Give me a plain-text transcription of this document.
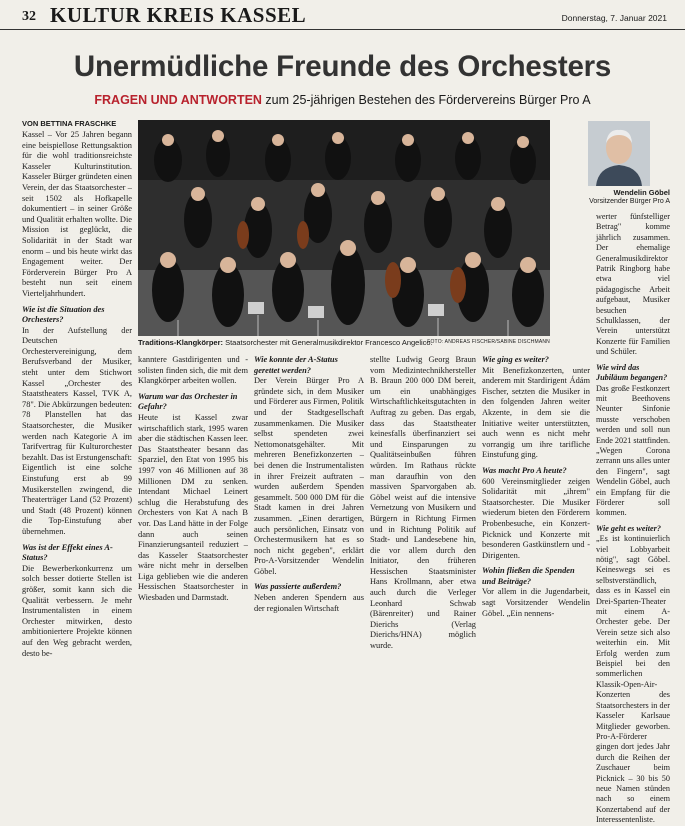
32 KULTUR KREIS KASSEL	Donnerstag, 7. Januar 2021
Unermüdliche Freunde des Orchesters
FRAGEN UND ANTWORTEN zum 25-jährigen Bestehen des Fördervereins Bürger Pro A
VON BETTINA FRASCHKE

Kassel – Vor 25 Jahren begann eine beispiellose Rettungsaktion für die wohl traditionsreichste Kasseler Kulturinstitution. Kasseler Bürger gründeten einen Verein, der das Staatsorchester – seit 1502 als Hofkapelle dokumentiert – in seiner Größe und Qualität erhalten wollte. Die Mission ist geglückt, die Solidarität in der Stadt war enorm – und bis heute wirkt das Engagement weiter. Der Förderverein Bürger Pro A besteht nun seit einem Vierteljahrhundert.

Wie ist die Situation des Orchesters?

In der Aufstellung der Deutschen Orchestervereinigung, dem Berufsverband der Musiker, steht unter dem Stichwort Kassel „Orchester des Staatstheaters Kassel, TVK A, 78". Die Abkürzungen bedeuten: 78 Planstellen hat das Staatsorchester, die Musiker werden nach Kategorie A im Tarifvertrag für Kulturorchester bezahlt. Das ist Erstungenschaft: Eigentlich ist eine solche Einstufung erst ab 99 Musikerstellen zwingend, die Theaterträger Land (52 Prozent) und Stadt (48 Prozent) können die Top-Einstufung aber übernehmen.

Was ist der Effekt eines A-Status?

Die Bewerberkonkurrenz um solch besser dotierte Stellen ist größer, somit kann sich die Qualität verbessern. Je mehr Instrumentalisten in einem Orchester mitwirken, desto ambitioniertere Projekte können auf den Weg gebracht werden, desto be-

Traditions-Klangkörper: Staatsorchester mit Generalmusikdirektor Francesco Angelico.
FOTO: ANDREAS FISCHER/SABINE DISCHMANN
Wendelin Göbel
Vorsitzender Bürger Pro A

kanntere Gastdirigenten und -solisten finden sich, die mit dem Klangkörper arbeiten wollen.

Warum war das Orchester in Gefahr?

Heute ist Kassel zwar wirtschaftlich stark, 1995 waren aber die städtischen Kassen leer. Das Staatstheater besann das Sparziel, den Etat von 1995 bis 1997 von 46 Millionen auf 38 Millionen DM zu senken. Intendant Michael Leinert schlug die Herabstufung des Orchesters von Kat A nach B vor. Das Land hätte in der Folge dann auch seinen Finanzierungsanteil reduziert – das Kasseler Staatsorchester wäre nicht mehr in derselben Liga geblieben wie die anderen Hessischen Staatsorchester in Wiesbaden und Darmstadt.

Wie konnte der A-Status gerettet werden?

Der Verein Bürger Pro A gründete sich, in dem Musiker und Förderer aus Firmen, Politik und der Stadtgesellschaft zusammenkamen. Die Musiker selbst spendeten zwei Nettomonatsgehälter. Mit mehreren Benefizkonzerten – bei denen die Instrumentalisten in ihrer Freizeit auftraten – wurden außerdem Spenden gesammelt. 500 000 DM für die Stadt kamen in drei Jahren zusammen. „Einen derartigen, auch persönlichen, Einsatz von Orchestermusikern hat es so noch nicht gegeben", erklärt Pro-A-Vorsitzender Wendelin Göbel.

Was passierte außerdem?

Neben anderen Spendern aus der regionalen Wirtschaft

stellte Ludwig Georg Braun vom Medizintechnikhersteller B. Braun 200 000 DM bereit, um ein unabhängiges Wirtschaftlichkeitsgutachten in Auftrag zu geben. Das ergab, dass das Staatstheater keinesfalls überfinanziert sei und Einsparungen zu Qualitätseinbußen führen würden. Im Rathaus rückte man daraufhin von den massiven Sparvorgaben ab. Göbel weist auf die intensive Vernetzung von Musikern und Bürgern in Richtung Firmen und in Richtung Politik auf Stadt- und Landesebene hin, die vor allem durch den Initiator, den früheren Hessischen Staatsminister Hans Krollmann, aber etwa auch durch die Verleger Leonhard Schwab (Bärenreiter) und Rainer Dierichs (Verlag Dierichs/HNA) möglich wurde.

Wie ging es weiter?

Mit Benefizkonzerten, unter anderem mit Stardirigent Ádám Fischer, setzten die Musiker in den folgenden Jahren weiter Akzente, in dem sie die Initiative weiter unterstützten, auch wenn es nicht mehr vorrangig um ihre tarifliche Einstufung ging.

Was macht Pro A heute?

600 Vereinsmitglieder zeigen Solidarität mit „ihrem" Staatsorchester. Die Musiker wiederum bieten den Förderern Probenbesuche, ein Konzert-Picknick und Konzerte mit besonderen Gastkünstlern und -Dirigenten.

Wohin fließen die Spenden und Beiträge?

Vor allem in die Jugendarbeit, sagt Vorsitzender Wendelin Göbel. „Ein nennens-

werter fünfstelliger Betrag" komme jährlich zusammen. Der ehemalige Generalmusikdirektor Patrik Ringborg habe etwa viel pädagogische Arbeit aufgebaut, Musiker besuchen Schulklassen, der Verein unterstützt Konzerte für Familien und Schüler.

Wie wird das Jubiläum begangen?

Das große Festkonzert mit Beethovens Neunter Sinfonie musste verschoben werden und soll nun Ende 2021 stattfinden. „Wegen Corona zerrann uns alles unter den Fingern", sagt Wendelin Göbel, auch ein Empfang für die Förderer soll kommen.

Wie geht es weiter?

„Es ist kontinuierlich viel Lobbyarbeit nötig", sagt Göbel. Keineswegs sei es selbstverständlich, dass es in Kassel ein Drei-Sparten-Theater mit einem A-Orchester gebe. Der Verein setze sich also weiterhin ein. Mit Erfolg werden zum Beispiel bei den sommerlichen Klassik-Open-Air-Konzerten des Staatsorchesters in der Kasseler Karlsaue Mitglieder geworben. Pro-A-Förderer gingen dort jedes Jahr durch die Reihen der Zuschauer beim Picknick – 30 bis 50 neue Namen stünden nach so einem Konzertabend auf der Interessentenliste.
